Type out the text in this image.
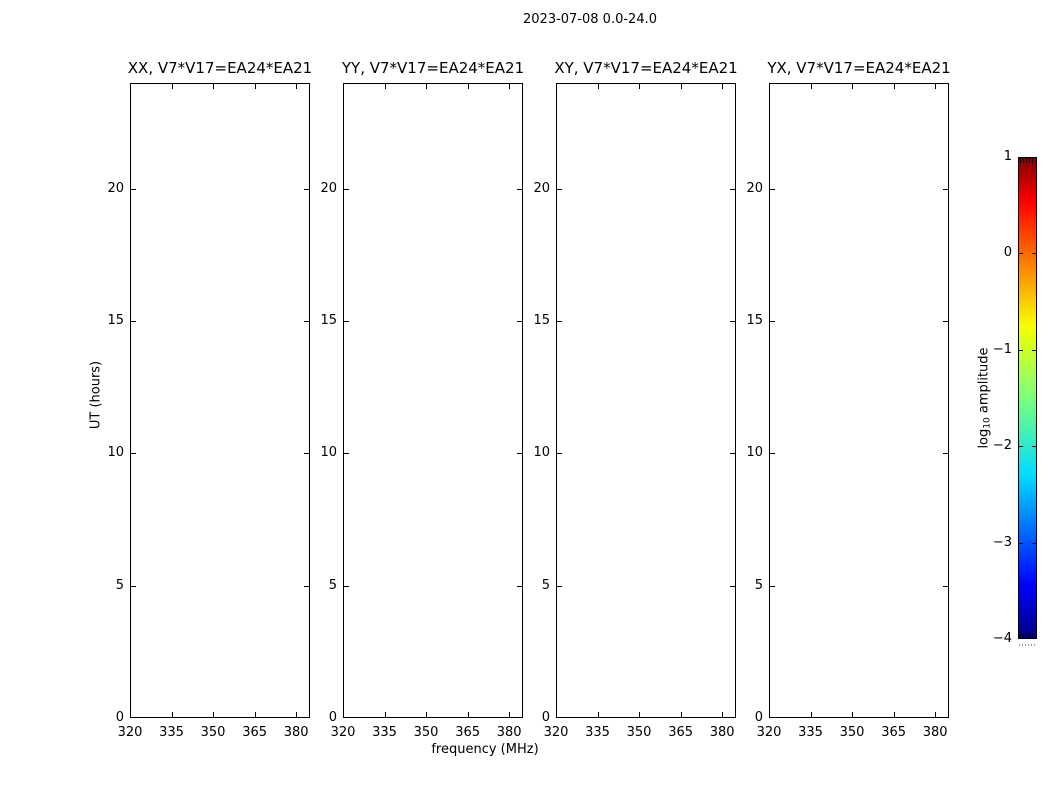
2023-07-08 0.0-24.0
XX, V7*V17=EA24*EA21
320	335	350	365	380
0
5
10
15
20
YY, V7*V17=EA24*EA21
320	335	350	365	380
0
5
10
15
20
XY, V7*V17=EA24*EA21
320	335	350	365	380
0
5
10
15
20
YX, V7*V17=EA24*EA21
320	335	350	365	380
0
5
10
15
20
frequency (MHz)
UT (hours)
1
0
−1
−2
−3
−4
$\log_{10}$ amplitude
